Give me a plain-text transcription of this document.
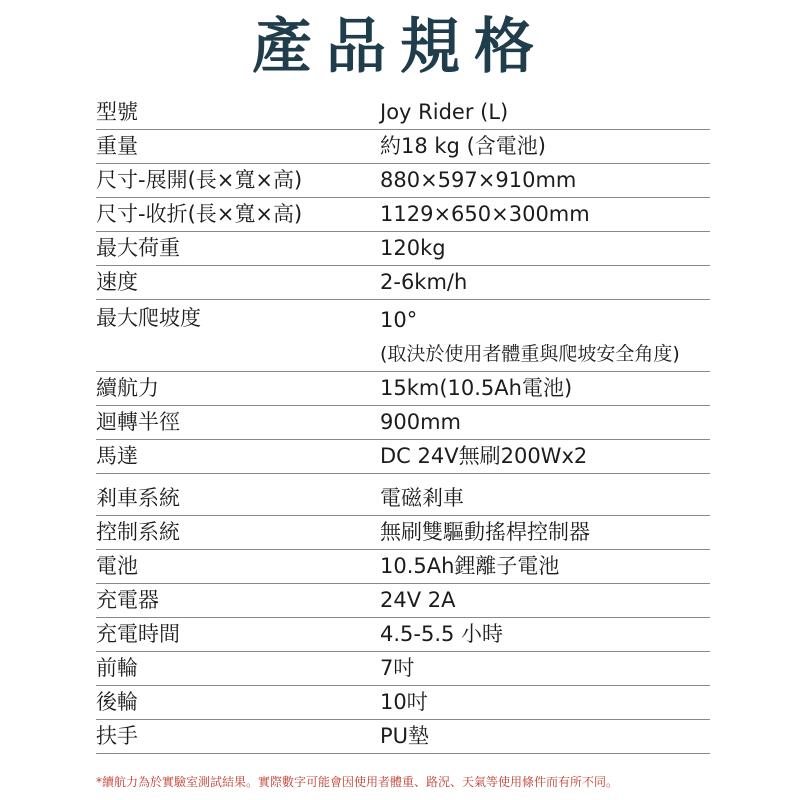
產品規格
型號	Joy Rider (L)
重量	約18 kg (含電池)
尺寸-展開(長×寬×高)	880×597×910mm
尺寸-收折(長×寬×高)	1129×650×300mm
最大荷重	120kg
速度	2-6km/h
最大爬坡度	10°
(取決於使用者體重與爬坡安全角度)
續航力	15km(10.5Ah電池)
迴轉半徑	900mm
馬達	DC 24V無刷200Wx2
剎車系統	電磁剎車
控制系統	無刷雙驅動搖桿控制器
電池	10.5Ah鋰離子電池
充電器	24V 2A
充電時間	4.5-5.5 小時
前輪	7吋
後輪	10吋
扶手	PU墊
*續航力為於實驗室測試結果。實際數字可能會因使用者體重、路況、天氣等使用條件而有所不同。
